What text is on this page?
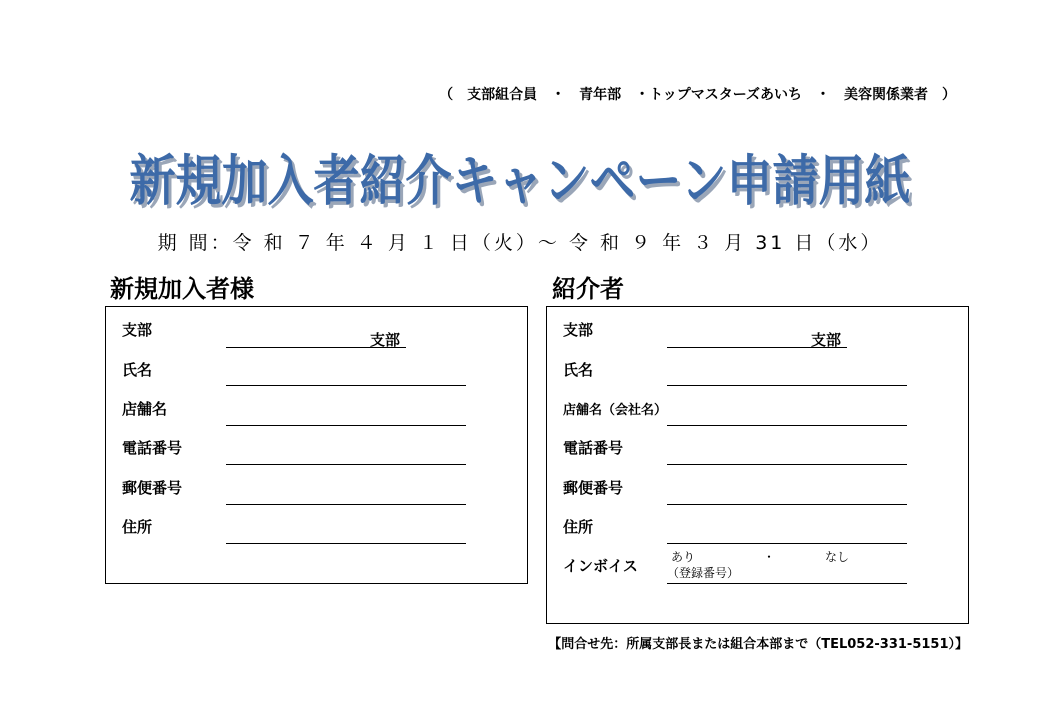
（　支部組合員　・　青年部　・トップマスターズあいち　・　美容関係業者　）
新規加入者紹介キャンペーン申請用紙
期 間：令 和 ７ 年 ４ 月 １ 日（火）～ 令 和 ９ 年 ３ 月 31 日（水）
新規加入者様
支部
支部
氏名
店舗名
電話番号
郵便番号
住所
紹介者
支部
支部
氏名
店舗名（会社名）
電話番号
郵便番号
住所
インボイス	あり	・	なし
（登録番号）
【問合せ先：所属支部長または組合本部まで（TEL052-331-5151）】
